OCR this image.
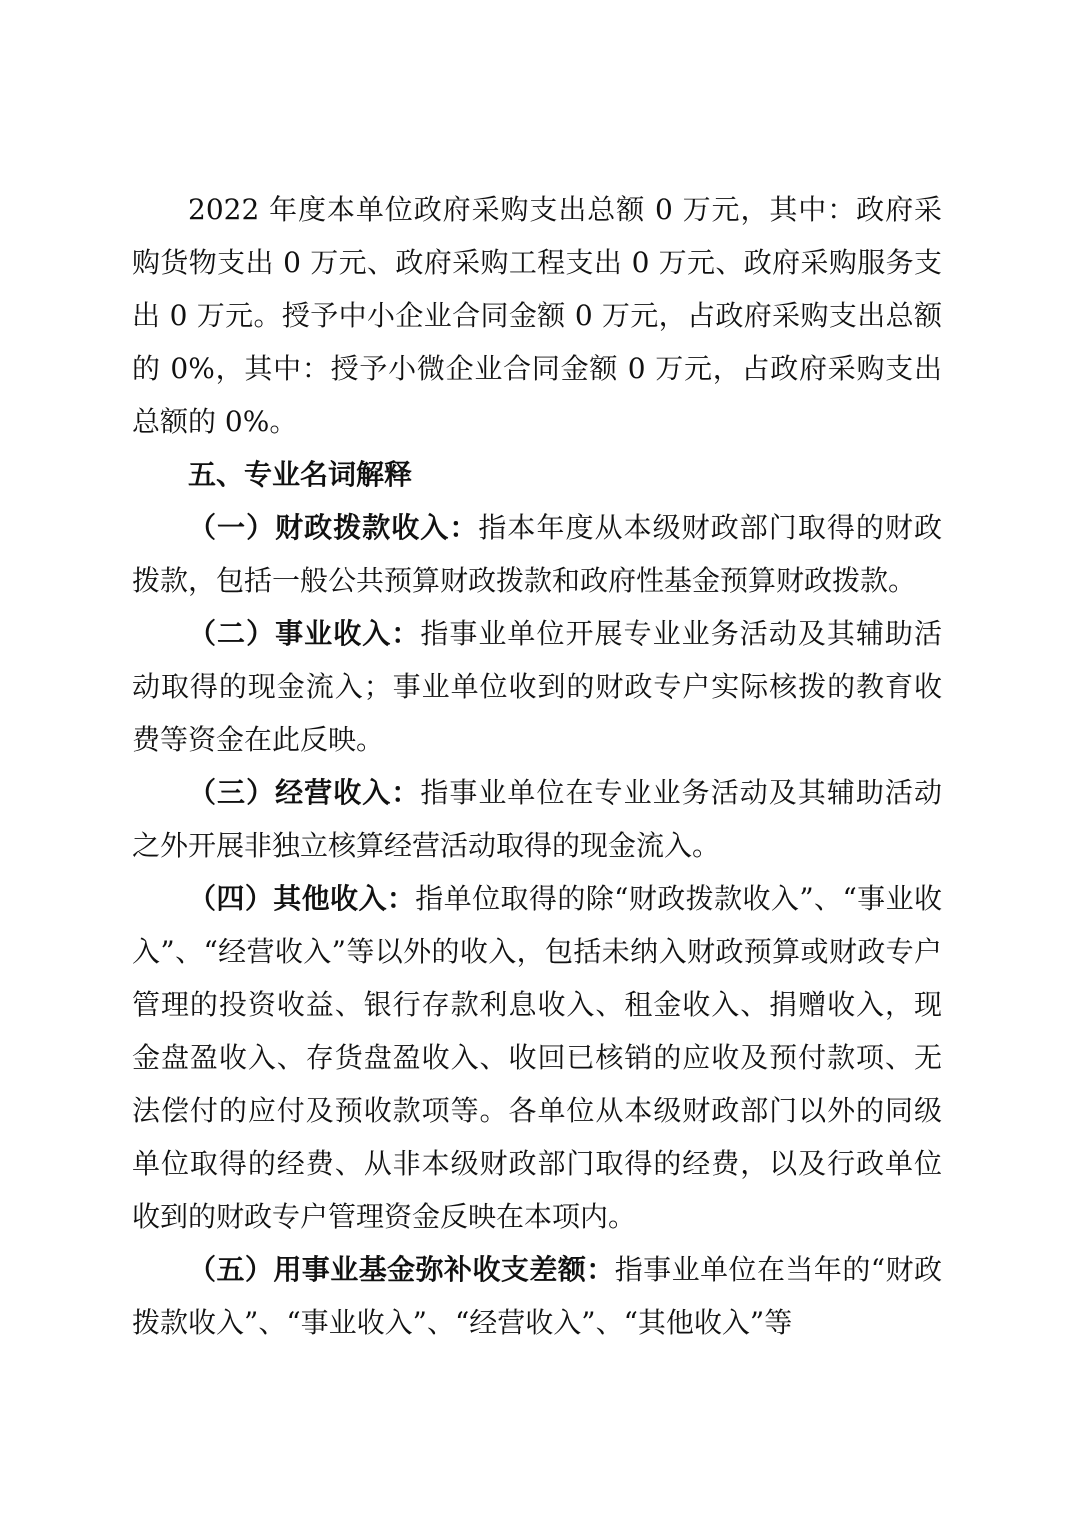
2022 年度本单位政府采购支出总额 0 万元，其中：政府采购货物支出 0 万元、政府采购工程支出 0 万元、政府采购服务支出 0 万元。授予中小企业合同金额 0 万元，占政府采购支出总额的 0%，其中：授予小微企业合同金额 0 万元，占政府采购支出总额的 0%。

五、专业名词解释

（一）财政拨款收入：指本年度从本级财政部门取得的财政拨款，包括一般公共预算财政拨款和政府性基金预算财政拨款。

（二）事业收入：指事业单位开展专业业务活动及其辅助活动取得的现金流入；事业单位收到的财政专户实际核拨的教育收费等资金在此反映。

（三）经营收入：指事业单位在专业业务活动及其辅助活动之外开展非独立核算经营活动取得的现金流入。

（四）其他收入：指单位取得的除“财政拨款收入”、“事业收入”、“经营收入”等以外的收入，包括未纳入财政预算或财政专户管理的投资收益、银行存款利息收入、租金收入、捐赠收入，现金盘盈收入、存货盘盈收入、收回已核销的应收及预付款项、无法偿付的应付及预收款项等。各单位从本级财政部门以外的同级单位取得的经费、从非本级财政部门取得的经费，以及行政单位收到的财政专户管理资金反映在本项内。

（五）用事业基金弥补收支差额：指事业单位在当年的“财政拨款收入”、“事业收入”、“经营收入”、“其他收入”等
